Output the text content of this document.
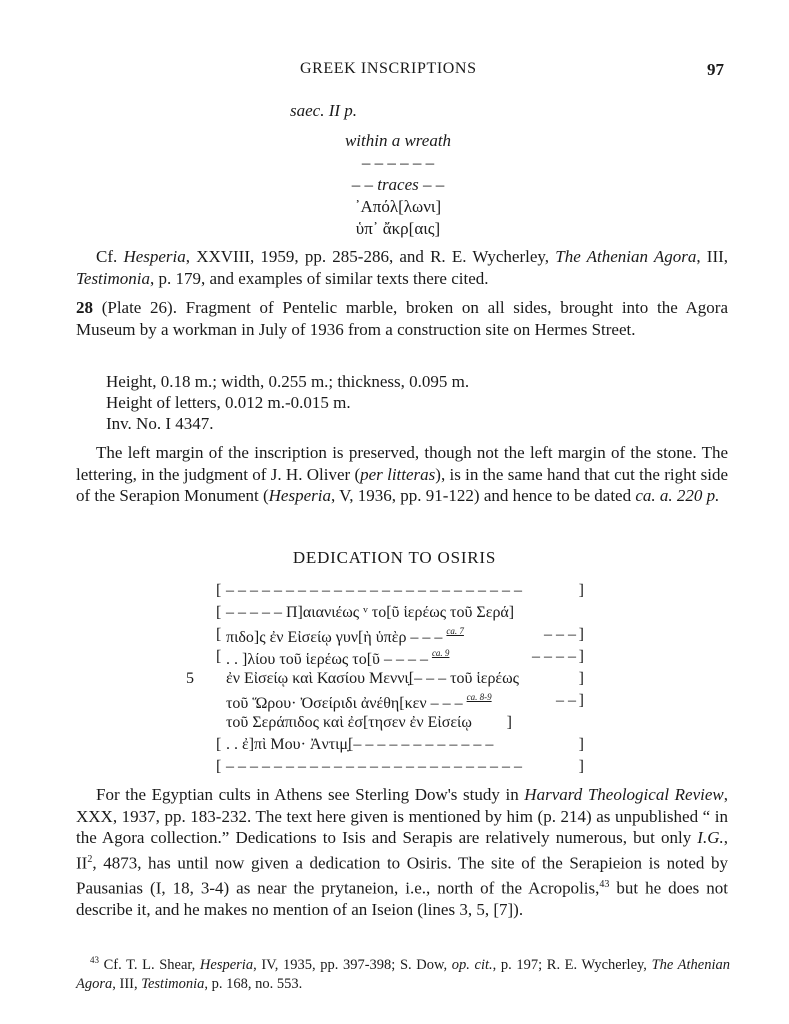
GREEK INSCRIPTIONS	97
saec. II p.
within a wreath
– – – – – –
– – traces – –
᾿Απόλ[λωνι]
ὑπ᾿ ἄκρ[αις]
Cf. Hesperia, XXVIII, 1959, pp. 285-286, and R. E. Wycherley, The Athenian Agora, III, Testimonia, p. 179, and examples of similar texts there cited.
28 (Plate 26). Fragment of Pentelic marble, broken on all sides, brought into the Agora Museum by a workman in July of 1936 from a construction site on Hermes Street.
Height, 0.18 m.; width, 0.255 m.; thickness, 0.095 m.
Height of letters, 0.012 m.-0.015 m.
Inv. No. I 4347.
The left margin of the inscription is preserved, though not the left margin of the stone. The lettering, in the judgment of J. H. Oliver (per litteras), is in the same hand that cut the right side of the Serapion Monument (Hesperia, V, 1936, pp. 91-122) and hence to be dated ca. a. 220 p.
DEDICATION TO OSIRIS
[ – – – – – – – – – – – – – – – – – – – – – – – – –	]
[ – – – – – Π]αιανιέως ᵛ το[ῦ ἱερέως τοῦ Σερά]
[ πιδο]ς ἐν Εἰσείῳ γυν[ὴ ὑπὲρ – – – $^{ca. 7}$	– – – ]
[ . . ]λίου τοῦ ἱερέως το[ῦ – – – – $^{ca. 9}$	– – – – ]
5 ἐν Εἰσείῳ καὶ Κασίου Μεννι̣[– – – τοῦ ἱερέως	]
τοῦ Ὥρου· Ὀσείριδι ἀνέθη[κεν – – – $^{ca. 8-9}$	– – ]
τοῦ Σεράπιδος καὶ ἐσ[τησεν ἐν Εἰσείῳ ]
[ . . ἐ]πὶ Μου· Ἀντιμ̣[– – – – – – – – – – – –	]
[ – – – – – – – – – – – – – – – – – – – – – – – – –	]
For the Egyptian cults in Athens see Sterling Dow's study in Harvard Theological Review, XXX, 1937, pp. 183-232. The text here given is mentioned by him (p. 214) as unpublished “ in the Agora collection.” Dedications to Isis and Serapis are relatively numerous, but only I.G., $II^2$, 4873, has until now given a dedication to Osiris. The site of the Serapieion is noted by Pausanias (I, 18, 3-4) as near the prytaneion, i.e., north of the Acropolis,$^{43}$ but he does not describe it, and he makes no mention of an Iseion (lines 3, 5, [7]).
$^{43}$ Cf. T. L. Shear, Hesperia, IV, 1935, pp. 397-398; S. Dow, op. cit., p. 197; R. E. Wycherley, The Athenian Agora, III, Testimonia, p. 168, no. 553.
